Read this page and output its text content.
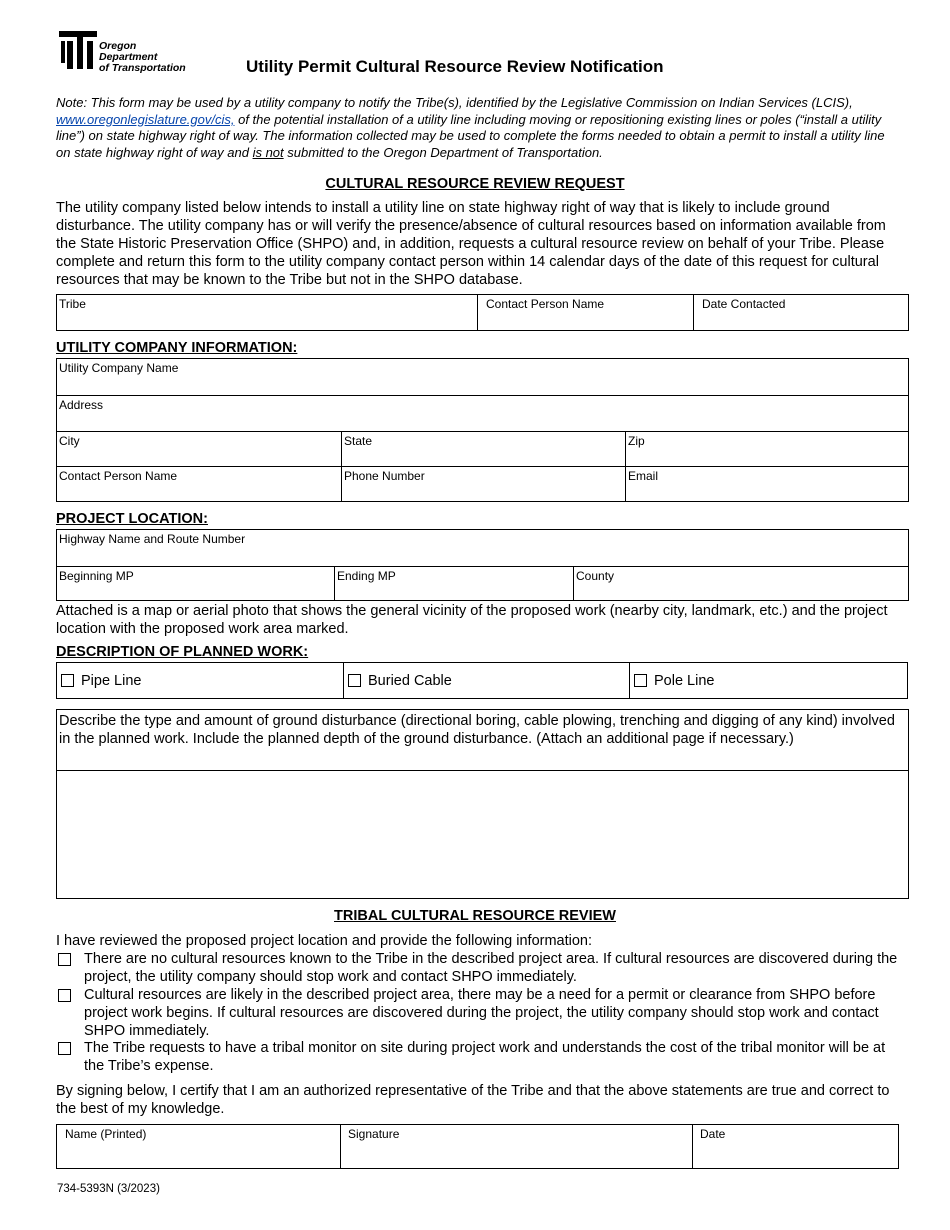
Oregon
Department
of Transportation	Utility Permit Cultural Resource Review Notification
Note: This form may be used by a utility company to notify the Tribe(s), identified by the Legislative Commission on Indian Services (LCIS), www.oregonlegislature.gov/cis, of the potential installation of a utility line including moving or repositioning existing lines or poles (“install a utility line”) on state highway right of way. The information collected may be used to complete the forms needed to obtain a permit to install a utility line on state highway right of way and is not submitted to the Oregon Department of Transportation.
CULTURAL RESOURCE REVIEW REQUEST
The utility company listed below intends to install a utility line on state highway right of way that is likely to include ground disturbance. The utility company has or will verify the presence/absence of cultural resources based on information available from the State Historic Preservation Office (SHPO) and, in addition, requests a cultural resource review on behalf of your Tribe. Please complete and return this form to the utility company contact person within 14 calendar days of the date of this request for cultural resources that may be known to the Tribe but not in the SHPO database.
Tribe	Contact Person Name	Date Contacted
UTILITY COMPANY INFORMATION:
Utility Company Name
Address
City	State	Zip
Contact Person Name	Phone Number	Email
PROJECT LOCATION:
Highway Name and Route Number
Beginning MP	Ending MP	County
Attached is a map or aerial photo that shows the general vicinity of the proposed work (nearby city, landmark, etc.) and the project location with the proposed work area marked.
DESCRIPTION OF PLANNED WORK:
Pipe Line	Buried Cable	Pole Line
Describe the type and amount of ground disturbance (directional boring, cable plowing, trenching and digging of any kind) involved in the planned work. Include the planned depth of the ground disturbance. (Attach an additional page if necessary.)
TRIBAL CULTURAL RESOURCE REVIEW
I have reviewed the proposed project location and provide the following information:
There are no cultural resources known to the Tribe in the described project area. If cultural resources are discovered during the project, the utility company should stop work and contact SHPO immediately.
Cultural resources are likely in the described project area, there may be a need for a permit or clearance from SHPO before project work begins. If cultural resources are discovered during the project, the utility company should stop work and contact SHPO immediately.
The Tribe requests to have a tribal monitor on site during project work and understands the cost of the tribal monitor will be at the Tribe’s expense.
By signing below, I certify that I am an authorized representative of the Tribe and that the above statements are true and correct to the best of my knowledge.
Name (Printed)	Signature	Date
734-5393N (3/2023)
